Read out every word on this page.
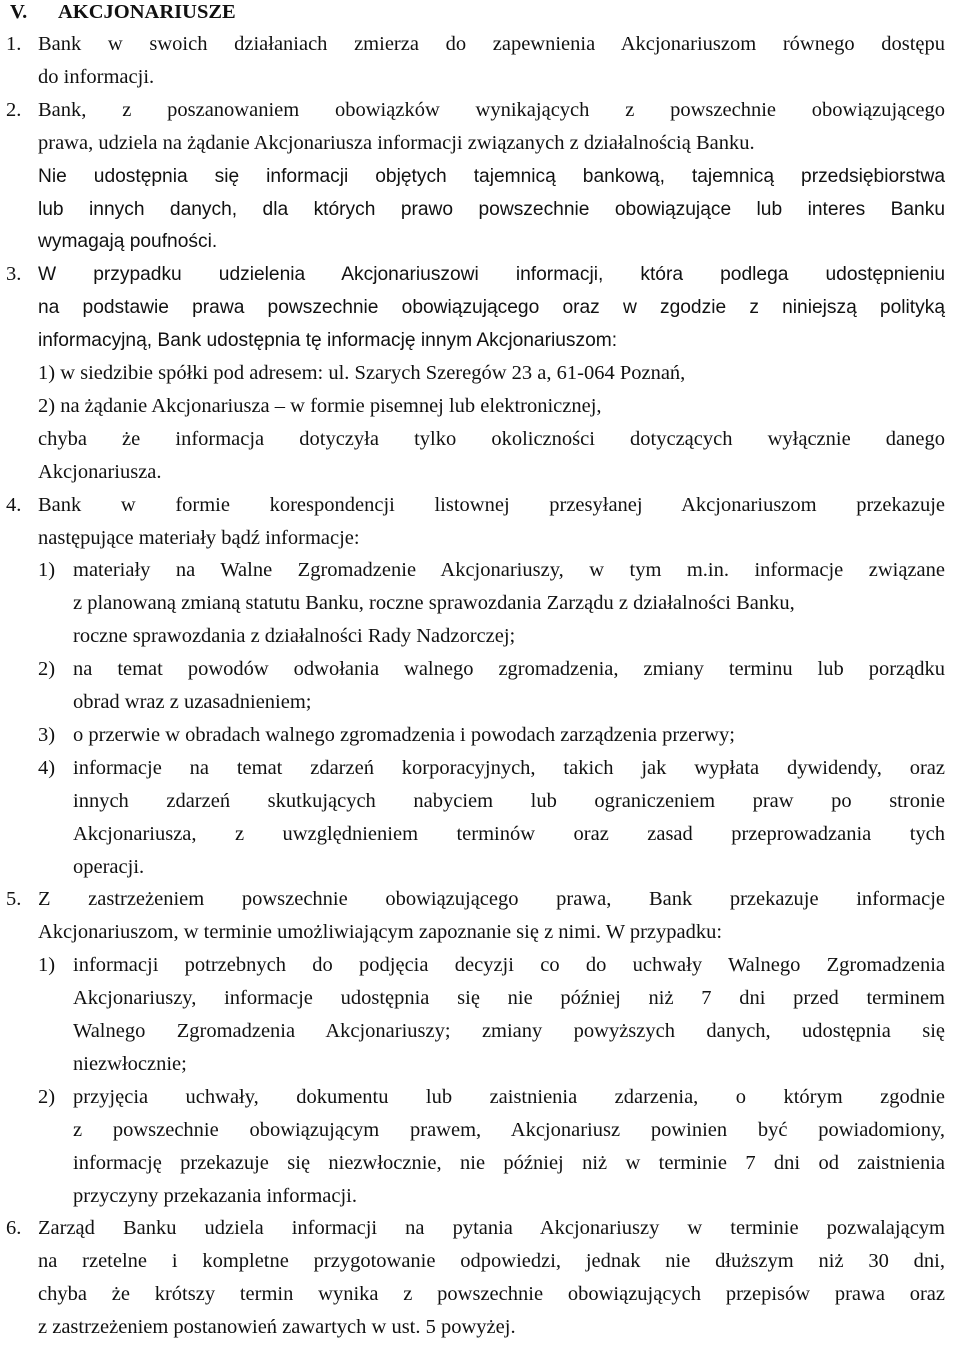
V. AKCJONARIUSZE
1. Bank w swoich działaniach zmierza do zapewnienia Akcjonariuszom równego dostępu
do informacji.
2. Bank, z poszanowaniem obowiązków wynikających z powszechnie obowiązującego
prawa, udziela na żądanie Akcjonariusza informacji związanych z działalnością Banku.
Nie udostępnia się informacji objętych tajemnicą bankową, tajemnicą przedsiębiorstwa
lub innych danych, dla których prawo powszechnie obowiązujące lub interes Banku
wymagają poufności.
3. W przypadku udzielenia Akcjonariuszowi informacji, która podlega udostępnieniu
na podstawie prawa powszechnie obowiązującego oraz w zgodzie z niniejszą polityką
informacyjną, Bank udostępnia tę informację innym Akcjonariuszom:
1) w siedzibie spółki pod adresem: ul. Szarych Szeregów 23 a, 61-064 Poznań,
2) na żądanie Akcjonariusza – w formie pisemnej lub elektronicznej,
chyba że informacja dotyczyła tylko okoliczności dotyczących wyłącznie danego
Akcjonariusza.
4. Bank w formie korespondencji listownej przesyłanej Akcjonariuszom przekazuje
następujące materiały bądź informacje:
1) materiały na Walne Zgromadzenie Akcjonariuszy, w tym m.in. informacje związane
z planowaną zmianą statutu Banku, roczne sprawozdania Zarządu z działalności Banku,
roczne sprawozdania z działalności Rady Nadzorczej;
2) na temat powodów odwołania walnego zgromadzenia, zmiany terminu lub porządku
obrad wraz z uzasadnieniem;
3) o przerwie w obradach walnego zgromadzenia i powodach zarządzenia przerwy;
4) informacje na temat zdarzeń korporacyjnych, takich jak wypłata dywidendy, oraz
innych zdarzeń skutkujących nabyciem lub ograniczeniem praw po stronie
Akcjonariusza, z uwzględnieniem terminów oraz zasad przeprowadzania tych
operacji.
5. Z zastrzeżeniem powszechnie obowiązującego prawa, Bank przekazuje informacje
Akcjonariuszom, w terminie umożliwiającym zapoznanie się z nimi. W przypadku:
1) informacji potrzebnych do podjęcia decyzji co do uchwały Walnego Zgromadzenia
Akcjonariuszy, informacje udostępnia się nie później niż 7 dni przed terminem
Walnego Zgromadzenia Akcjonariuszy; zmiany powyższych danych, udostępnia się
niezwłocznie;
2) przyjęcia uchwały, dokumentu lub zaistnienia zdarzenia, o którym zgodnie
z powszechnie obowiązującym prawem, Akcjonariusz powinien być powiadomiony,
informację przekazuje się niezwłocznie, nie później niż w terminie 7 dni od zaistnienia
przyczyny przekazania informacji.
6. Zarząd Banku udziela informacji na pytania Akcjonariuszy w terminie pozwalającym
na rzetelne i kompletne przygotowanie odpowiedzi, jednak nie dłuższym niż 30 dni,
chyba że krótszy termin wynika z powszechnie obowiązujących przepisów prawa oraz
z zastrzeżeniem postanowień zawartych w ust. 5 powyżej.
